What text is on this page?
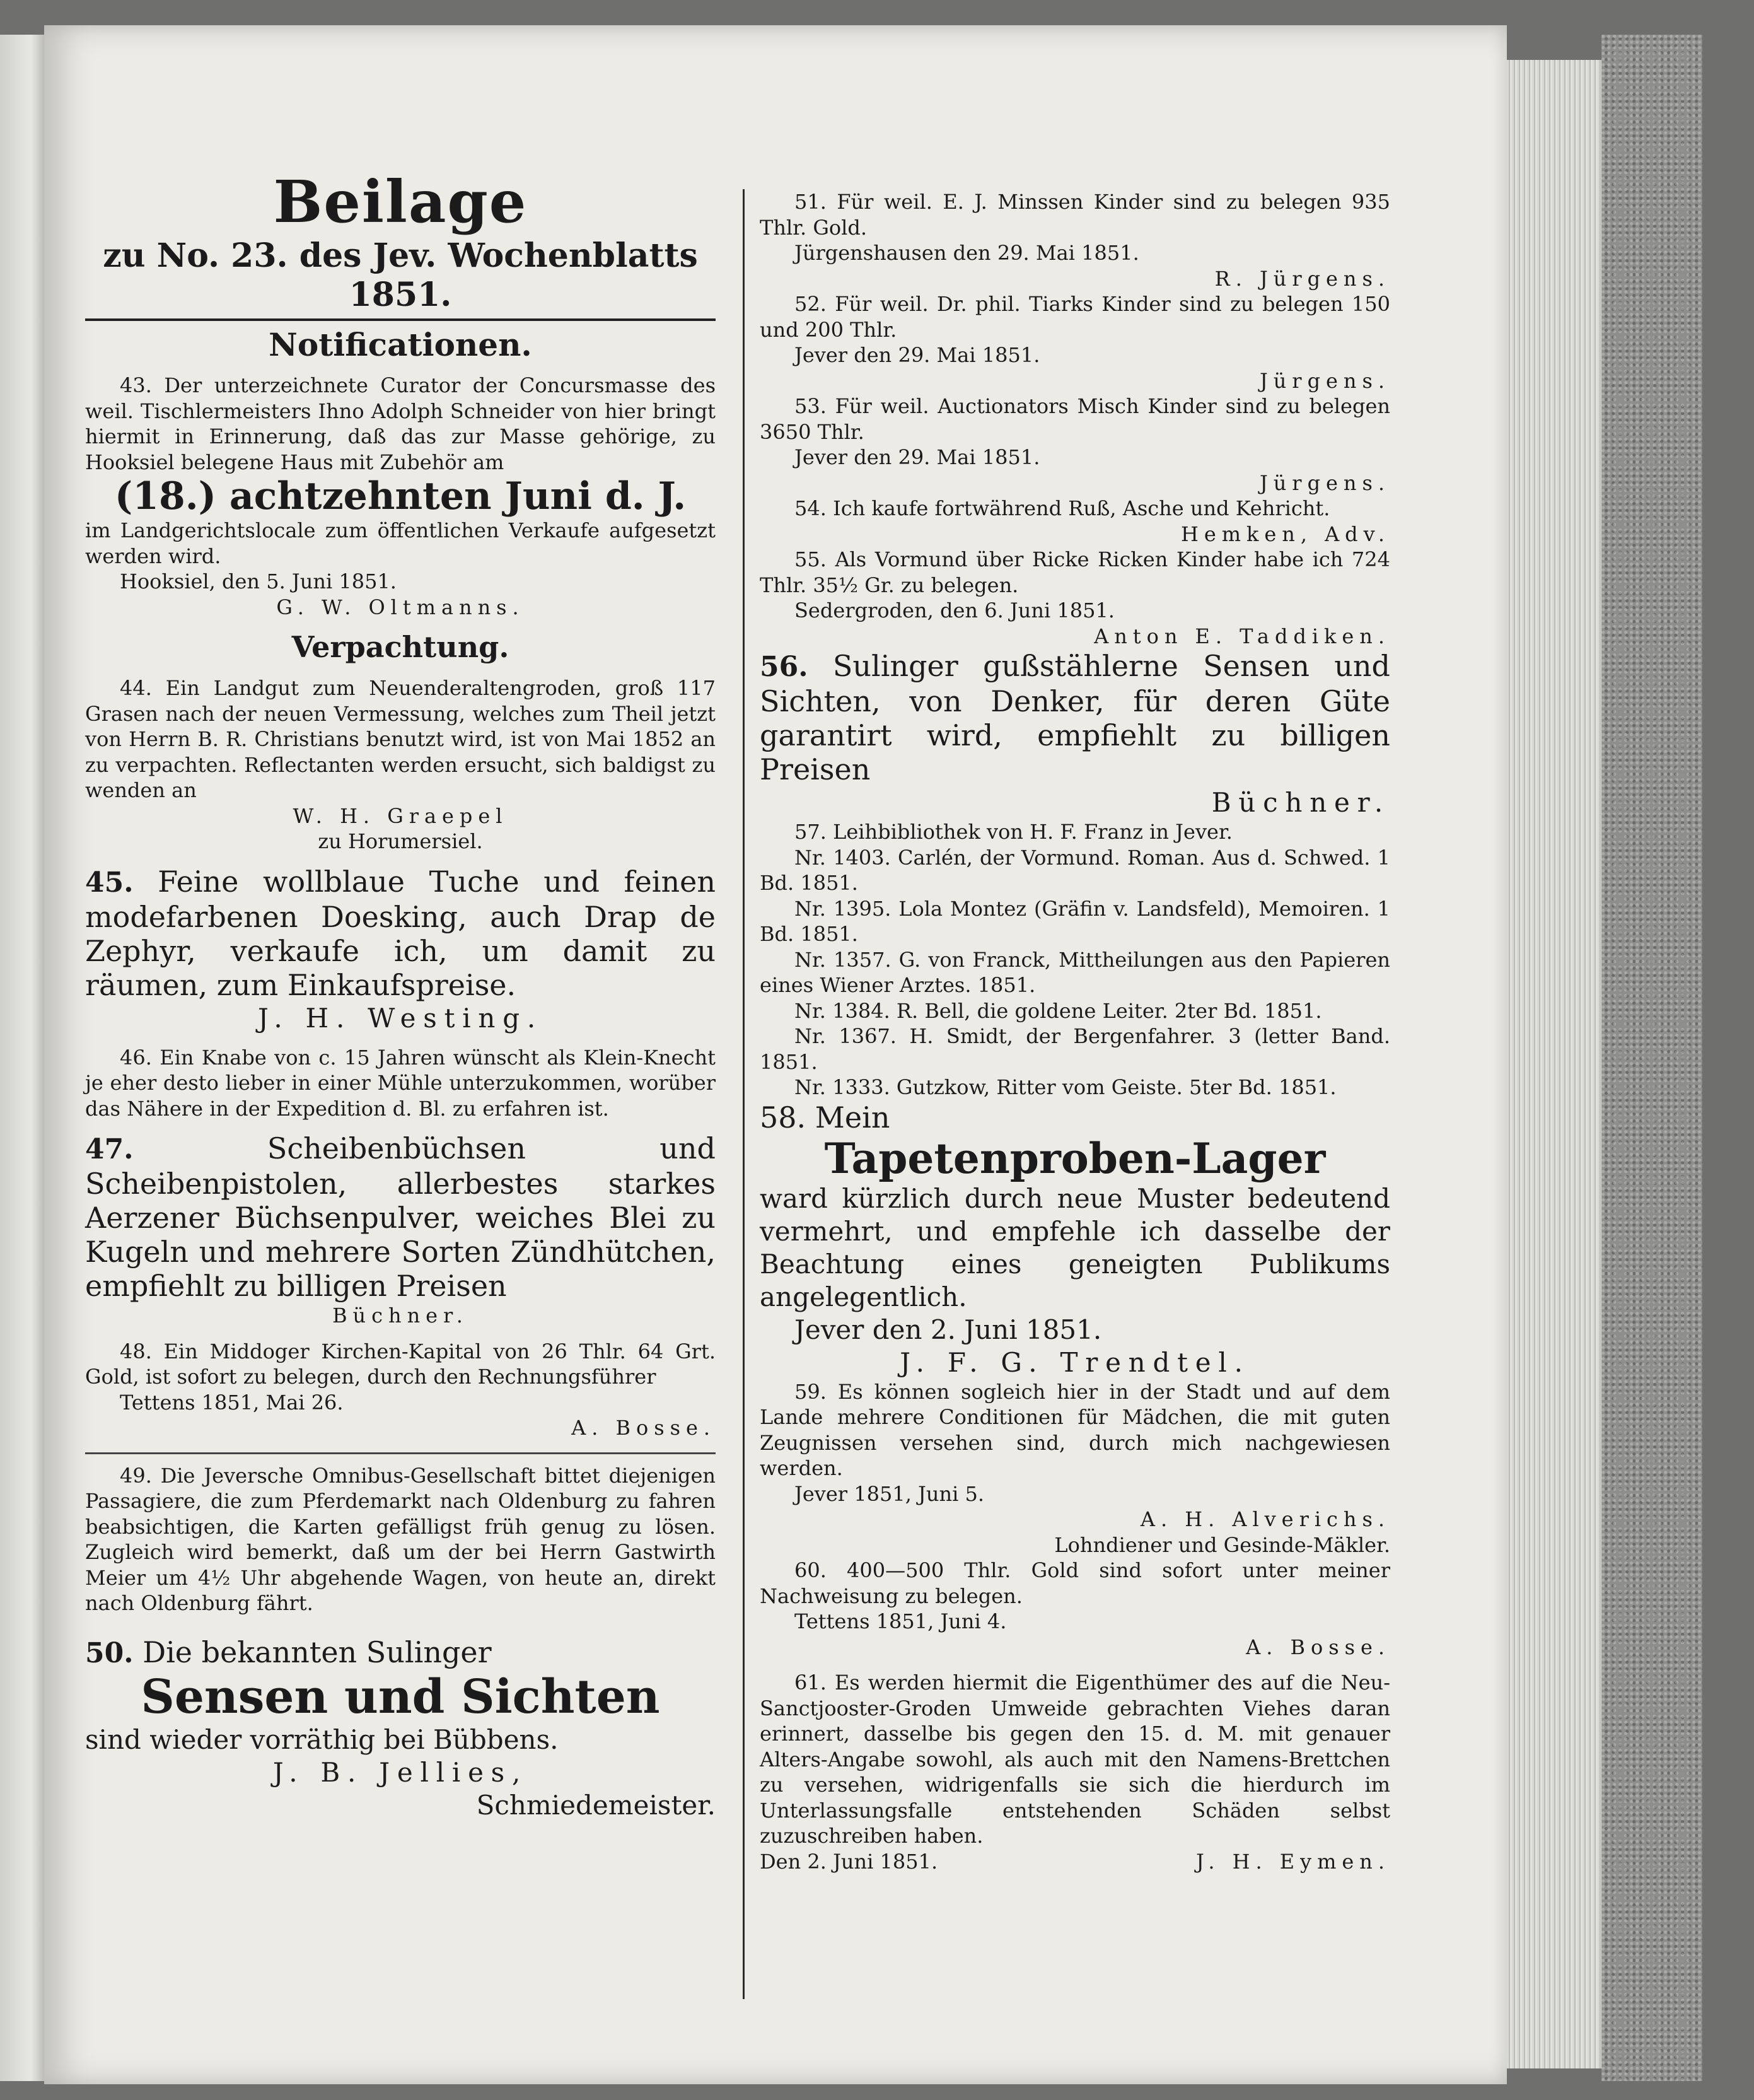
Beilage
zu No. 23. des Jev. Wochenblatts 1851.
Notificationen.

43. Der unterzeichnete Curator der Concursmasse des weil. Tischlermeisters Ihno Adolph Schneider von hier bringt hiermit in Erinnerung, daß das zur Masse gehörige, zu Hooksiel belegene Haus mit Zubehör am

(18.) achtzehnten Juni d. J.

im Landgerichtslocale zum öffentlichen Verkaufe aufgesetzt werden wird.

Hooksiel, den 5. Juni 1851.

G. W. Oltmanns.

Verpachtung.

44. Ein Landgut zum Neuenderaltengroden, groß 117 Grasen nach der neuen Vermessung, welches zum Theil jetzt von Herrn B. R. Christians benutzt wird, ist von Mai 1852 an zu verpachten. Reflectanten werden ersucht, sich baldigst zu wenden an

W. H. Graepel

zu Horumersiel.

45. Feine wollblaue Tuche und feinen modefarbenen Doesking, auch Drap de Zephyr, verkaufe ich, um damit zu räumen, zum Einkaufspreise.

J. H. Westing.

46. Ein Knabe von c. 15 Jahren wünscht als Klein-Knecht je eher desto lieber in einer Mühle unterzukommen, worüber das Nähere in der Expedition d. Bl. zu erfahren ist.

47.	Scheibenbüchsen und Scheibenpistolen, allerbestes starkes Aerzener Büchsenpulver, weiches Blei zu Kugeln und mehrere Sorten Zündhütchen, empfiehlt zu billigen Preisen

Büchner.

48. Ein Middoger Kirchen-Kapital von 26 Thlr. 64 Grt. Gold, ist sofort zu belegen, durch den Rechnungsführer

Tettens 1851, Mai 26.

A. Bosse.

49. Die Jeversche Omnibus-Gesellschaft bittet diejenigen Passagiere, die zum Pferdemarkt nach Oldenburg zu fahren beabsichtigen, die Karten gefälligst früh genug zu lösen. Zugleich wird bemerkt, daß um der bei Herrn Gastwirth Meier um 4½ Uhr abgehende Wagen, von heute an, direkt nach Oldenburg fährt.

50. Die bekannten Sulinger

Sensen und Sichten

sind wieder vorräthig bei Bübbens.

J. B. Jellies,

Schmiedemeister.

51. Für weil. E. J. Minssen Kinder sind zu belegen 935 Thlr. Gold.

Jürgenshausen den 29. Mai 1851.

R. Jürgens.

52. Für weil. Dr. phil. Tiarks Kinder sind zu belegen 150 und 200 Thlr.

Jever den 29. Mai 1851.

Jürgens.

53. Für weil. Auctionators Misch Kinder sind zu belegen 3650 Thlr.

Jever den 29. Mai 1851.

Jürgens.

54. Ich kaufe fortwährend Ruß, Asche und Kehricht.

Hemken, Adv.

55. Als Vormund über Ricke Ricken Kinder habe ich 724 Thlr. 35½ Gr. zu belegen.

Sedergroden, den 6. Juni 1851.

Anton E. Taddiken.

56. Sulinger gußstählerne Sensen und Sichten, von Denker, für deren Güte garantirt wird, empfiehlt zu billigen Preisen

Büchner.

57. Leihbibliothek von H. F. Franz in Jever.

Nr. 1403. Carlén, der Vormund. Roman. Aus d. Schwed. 1 Bd. 1851.

Nr. 1395. Lola Montez (Gräfin v. Landsfeld), Memoiren. 1 Bd. 1851.

Nr. 1357. G. von Franck, Mittheilungen aus den Papieren eines Wiener Arztes. 1851.

Nr. 1384. R. Bell, die goldene Leiter. 2ter Bd. 1851.

Nr. 1367. H. Smidt, der Bergenfahrer. 3 (letter Band. 1851.

Nr. 1333. Gutzkow, Ritter vom Geiste. 5ter Bd. 1851.

58. Mein

Tapetenproben-Lager

ward kürzlich durch neue Muster bedeutend vermehrt, und empfehle ich dasselbe der Beachtung eines geneigten Publikums angelegentlich.

Jever den 2. Juni 1851.

J. F. G. Trendtel.

59. Es können sogleich hier in der Stadt und auf dem Lande mehrere Conditionen für Mädchen, die mit guten Zeugnissen versehen sind, durch mich nachgewiesen werden.

Jever 1851, Juni 5.

A. H. Alverichs.

Lohndiener und Gesinde-Mäkler.

60. 400—500 Thlr. Gold sind sofort unter meiner Nachweisung zu belegen.

Tettens 1851, Juni 4.

A. Bosse.

61. Es werden hiermit die Eigenthümer des auf die Neu-Sanctjooster-Groden Umweide gebrachten Viehes daran erinnert, dasselbe bis gegen den 15. d. M. mit genauer Alters-Angabe sowohl, als auch mit den Namens-Brettchen zu versehen, widrigenfalls sie sich die hierdurch im Unterlassungsfalle entstehenden Schäden selbst zuzuschreiben haben.

Den 2. Juni 1851.	J. H. Eymen.
